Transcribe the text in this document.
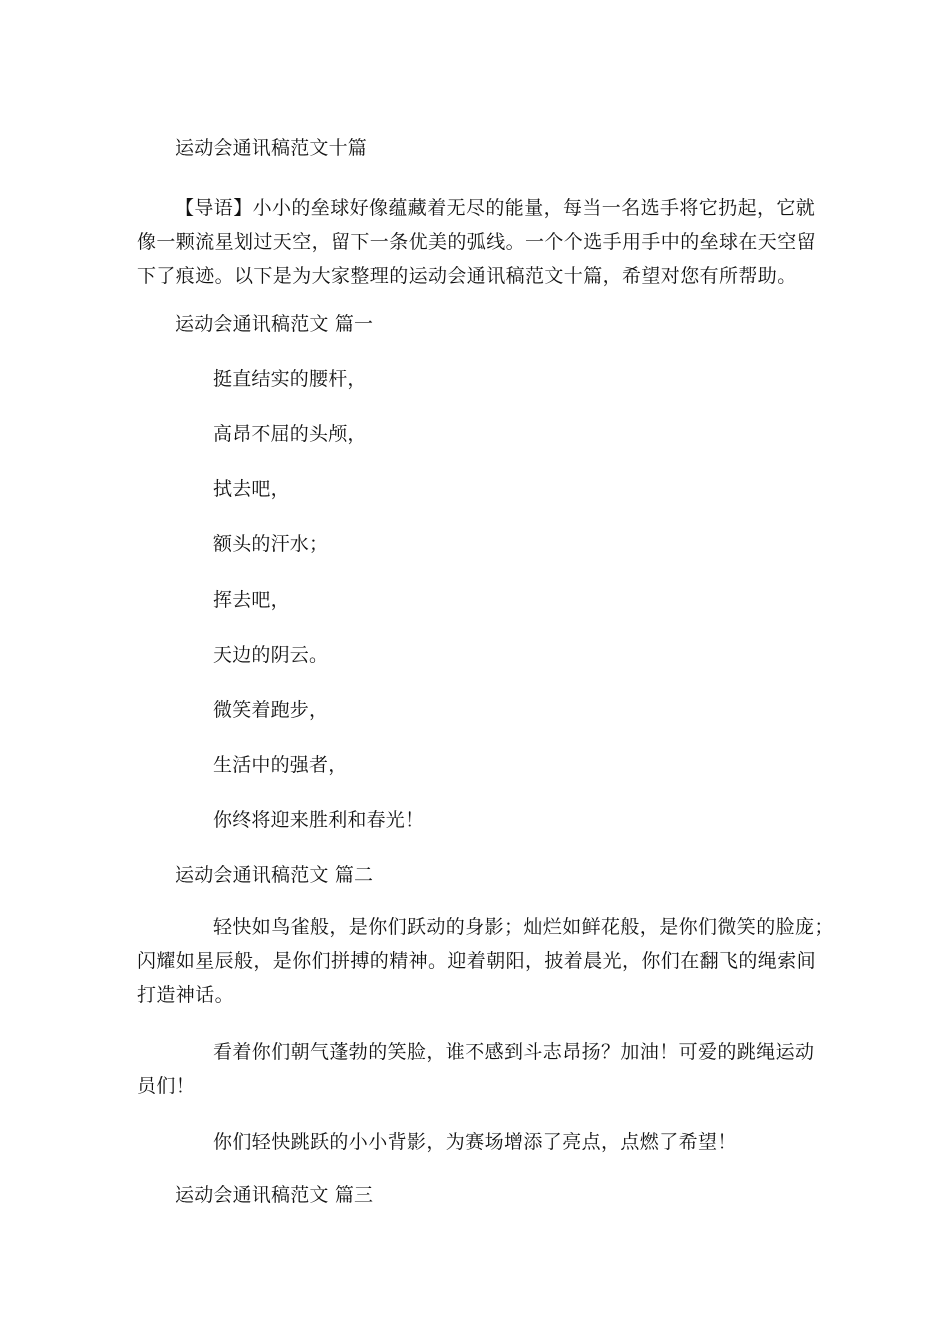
运动会通讯稿范文十篇
【导语】小小的垒球好像蕴藏着无尽的能量，每当一名选手将它扔起，它就
像一颗流星划过天空，留下一条优美的弧线。一个个选手用手中的垒球在天空留
下了痕迹。以下是为大家整理的运动会通讯稿范文十篇，希望对您有所帮助。
运动会通讯稿范文 篇一
挺直结实的腰杆，
高昂不屈的头颅，
拭去吧，
额头的汗水；
挥去吧，
天边的阴云。
微笑着跑步，
生活中的强者，
你终将迎来胜利和春光！
运动会通讯稿范文 篇二
轻快如鸟雀般，是你们跃动的身影；灿烂如鲜花般，是你们微笑的脸庞；
闪耀如星辰般，是你们拼搏的精神。迎着朝阳，披着晨光，你们在翻飞的绳索间
打造神话。
看着你们朝气蓬勃的笑脸，谁不感到斗志昂扬？加油！可爱的跳绳运动
员们！
你们轻快跳跃的小小背影，为赛场增添了亮点，点燃了希望！
运动会通讯稿范文 篇三
